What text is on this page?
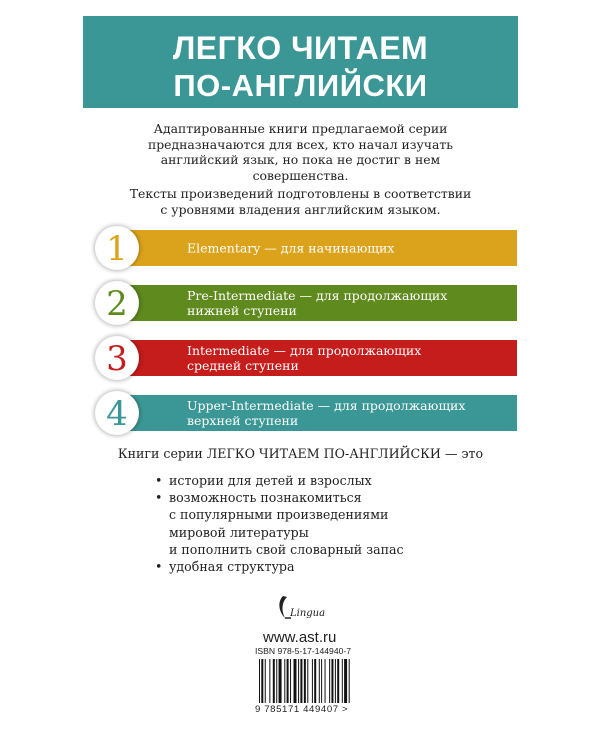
ЛЕГКО ЧИТАЕМ
ПО-АНГЛИЙСКИ
Адаптированные книги предлагаемой серии
предназначаются для всех, кто начал изучать
английский язык, но пока не достиг в нем
совершенства.
Тексты произведений подготовлены в соответствии
с уровнями владения английским языком.
Elementary — для начинающих
1
Pre-Intermediate — для продолжающих
нижней ступени
2
Intermediate — для продолжающих
средней ступени
3
Upper-Intermediate — для продолжающих
верхней ступени
4
Книги серии ЛЕГКО ЧИТАЕМ ПО-АНГЛИЙСКИ — это
• истории для детей и взрослых
• возможность познакомиться
с популярными произведениями
мировой литературы
и пополнить свой словарный запас
• удобная структура
Lingua
www.ast.ru
ISBN 978-5-17-144940-7
9 785171 449407 >
